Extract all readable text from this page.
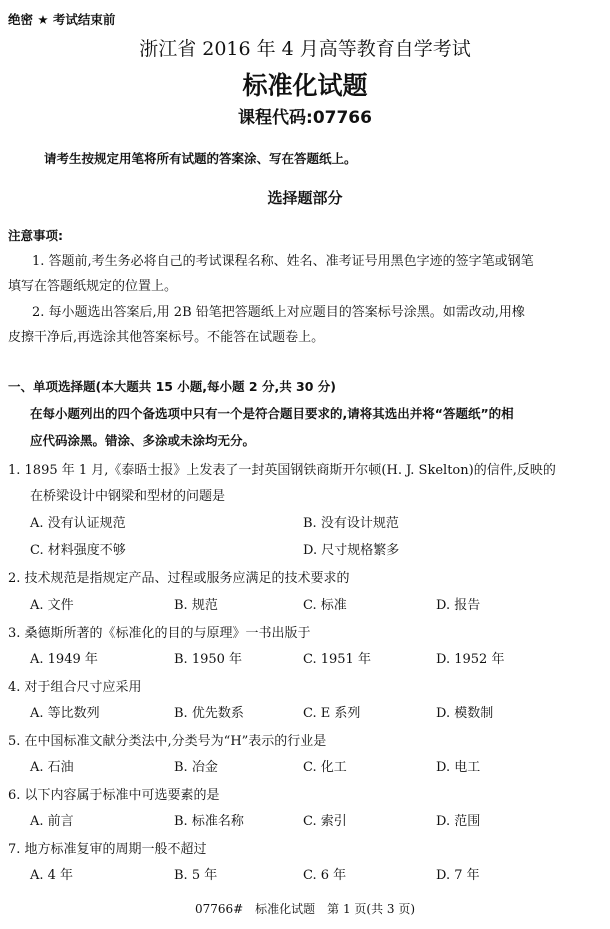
绝密 ★ 考试结束前
浙江省 2016 年 4 月高等教育自学考试
标准化试题
课程代码:07766
请考生按规定用笔将所有试题的答案涂、写在答题纸上。
选择题部分
注意事项:
1. 答题前,考生务必将自己的考试课程名称、姓名、准考证号用黑色字迹的签字笔或钢笔
填写在答题纸规定的位置上。
2. 每小题选出答案后,用 2B 铅笔把答题纸上对应题目的答案标号涂黑。如需改动,用橡
皮擦干净后,再选涂其他答案标号。不能答在试题卷上。
一、单项选择题(本大题共 15 小题,每小题 2 分,共 30 分)
在每小题列出的四个备选项中只有一个是符合题目要求的,请将其选出并将“答题纸”的相
应代码涂黑。错涂、多涂或未涂均无分。
1. 1895 年 1 月,《泰晤士报》上发表了一封英国钢铁商斯开尔顿(H. J. Skelton)的信件,反映的
在桥梁设计中钢梁和型材的问题是
A. 没有认证规范	B. 没有设计规范
C. 材料强度不够	D. 尺寸规格繁多
2. 技术规范是指规定产品、过程或服务应满足的技术要求的
A. 文件	B. 规范	C. 标准	D. 报告
3. 桑德斯所著的《标准化的目的与原理》一书出版于
A. 1949 年	B. 1950 年	C. 1951 年	D. 1952 年
4. 对于组合尺寸应采用
A. 等比数列	B. 优先数系	C. E 系列	D. 模数制
5. 在中国标准文献分类法中,分类号为“H”表示的行业是
A. 石油	B. 冶金	C. 化工	D. 电工
6. 以下内容属于标准中可选要素的是
A. 前言	B. 标准名称	C. 索引	D. 范围
7. 地方标准复审的周期一般不超过
A. 4 年	B. 5 年	C. 6 年	D. 7 年
07766#　标准化试题　第 1 页(共 3 页)
